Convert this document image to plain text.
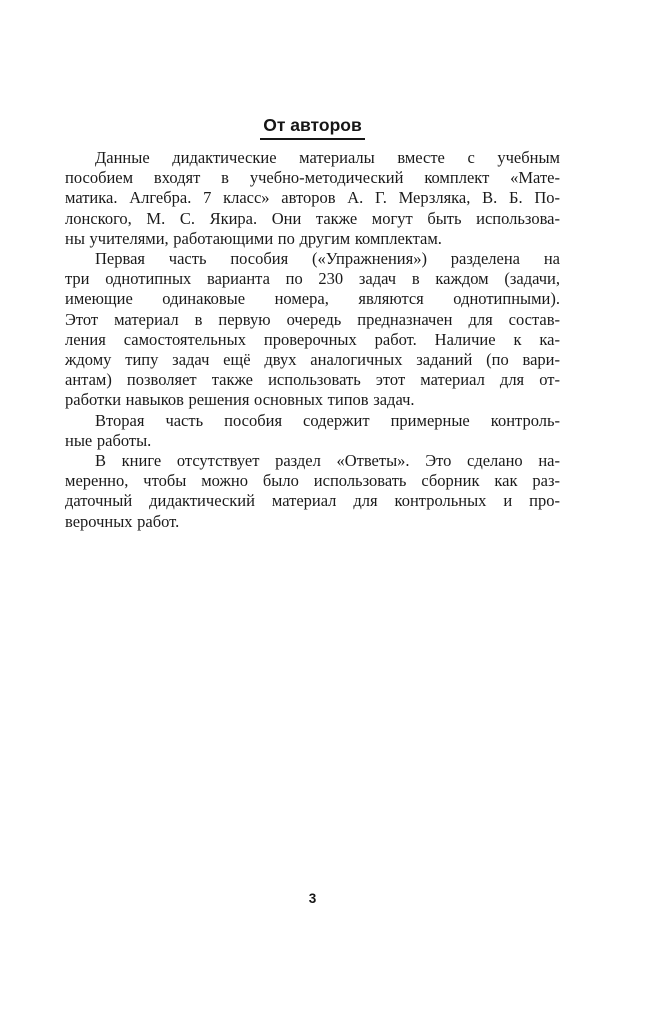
От авторов

Данные дидактические материалы вместе с учебным
пособием входят в учебно-методический комплект «Мате-
матика. Алгебра. 7 класс» авторов А. Г. Мерзляка, В. Б. По-
лонского, М. С. Якира. Они также могут быть использова-
ны учителями, работающими по другим комплектам.

Первая часть пособия («Упражнения») разделена на
три однотипных варианта по 230 задач в каждом (задачи,
имеющие одинаковые номера, являются однотипными).
Этот материал в первую очередь предназначен для состав-
ления самостоятельных проверочных работ. Наличие к ка-
ждому типу задач ещё двух аналогичных заданий (по вари-
антам) позволяет также использовать этот материал для от-
работки навыков решения основных типов задач.

Вторая часть пособия содержит примерные контроль-
ные работы.

В книге отсутствует раздел «Ответы». Это сделано на-
меренно, чтобы можно было использовать сборник как раз-
даточный дидактический материал для контрольных и про-
верочных работ.

3
